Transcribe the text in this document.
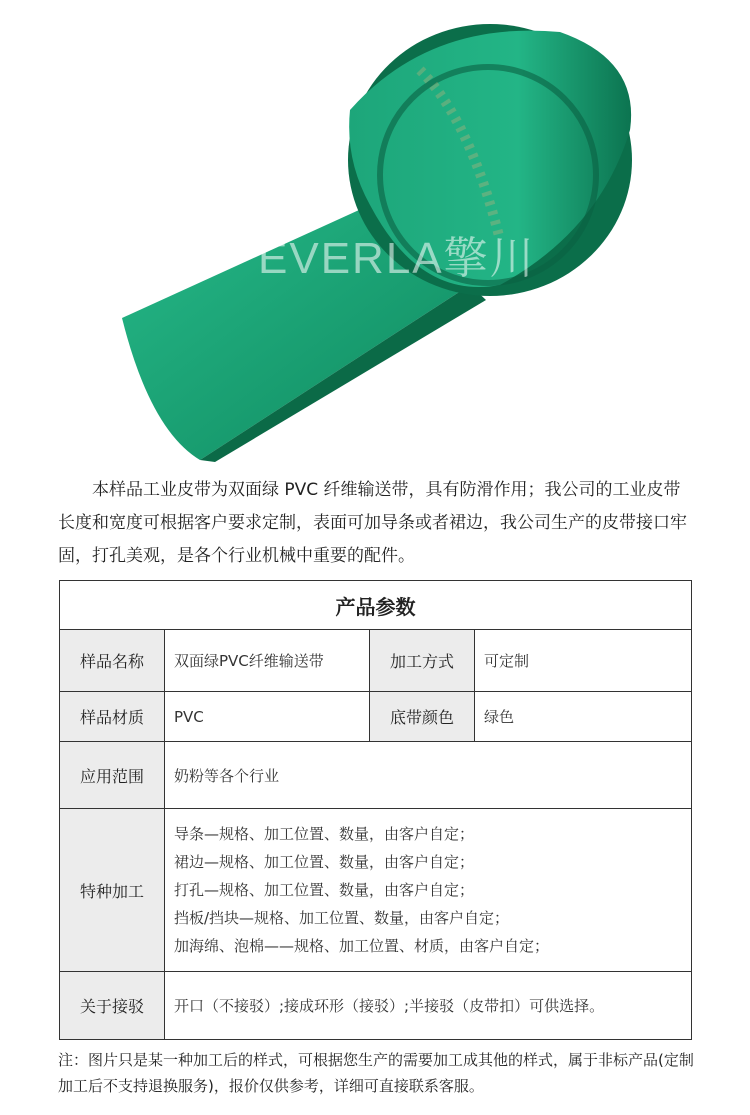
EVERLA擎川

本样品工业皮带为双面绿 PVC 纤维输送带，具有防滑作用；我公司的工业皮带长度和宽度可根据客户要求定制，表面可加导条或者裙边，我公司生产的皮带接口牢固，打孔美观，是各个行业机械中重要的配件。

产品参数			
样品名称	双面绿PVC纤维输送带	加工方式	可定制
样品材质	PVC	底带颜色	绿色
应用范围	奶粉等各个行业		
特种加工	导条—规格、加工位置、数量，由客户自定；
裙边—规格、加工位置、数量，由客户自定；
打孔—规格、加工位置、数量，由客户自定；
挡板/挡块—规格、加工位置、数量，由客户自定；
加海绵、泡棉——规格、加工位置、材质，由客户自定；		

关于接驳	开口（不接驳）;接成环形（接驳）;半接驳（皮带扣）可供选择。		

注：图片只是某一种加工后的样式，可根据您生产的需要加工成其他的样式，属于非标产品(定制加工后不支持退换服务)，报价仅供参考，详细可直接联系客服。
